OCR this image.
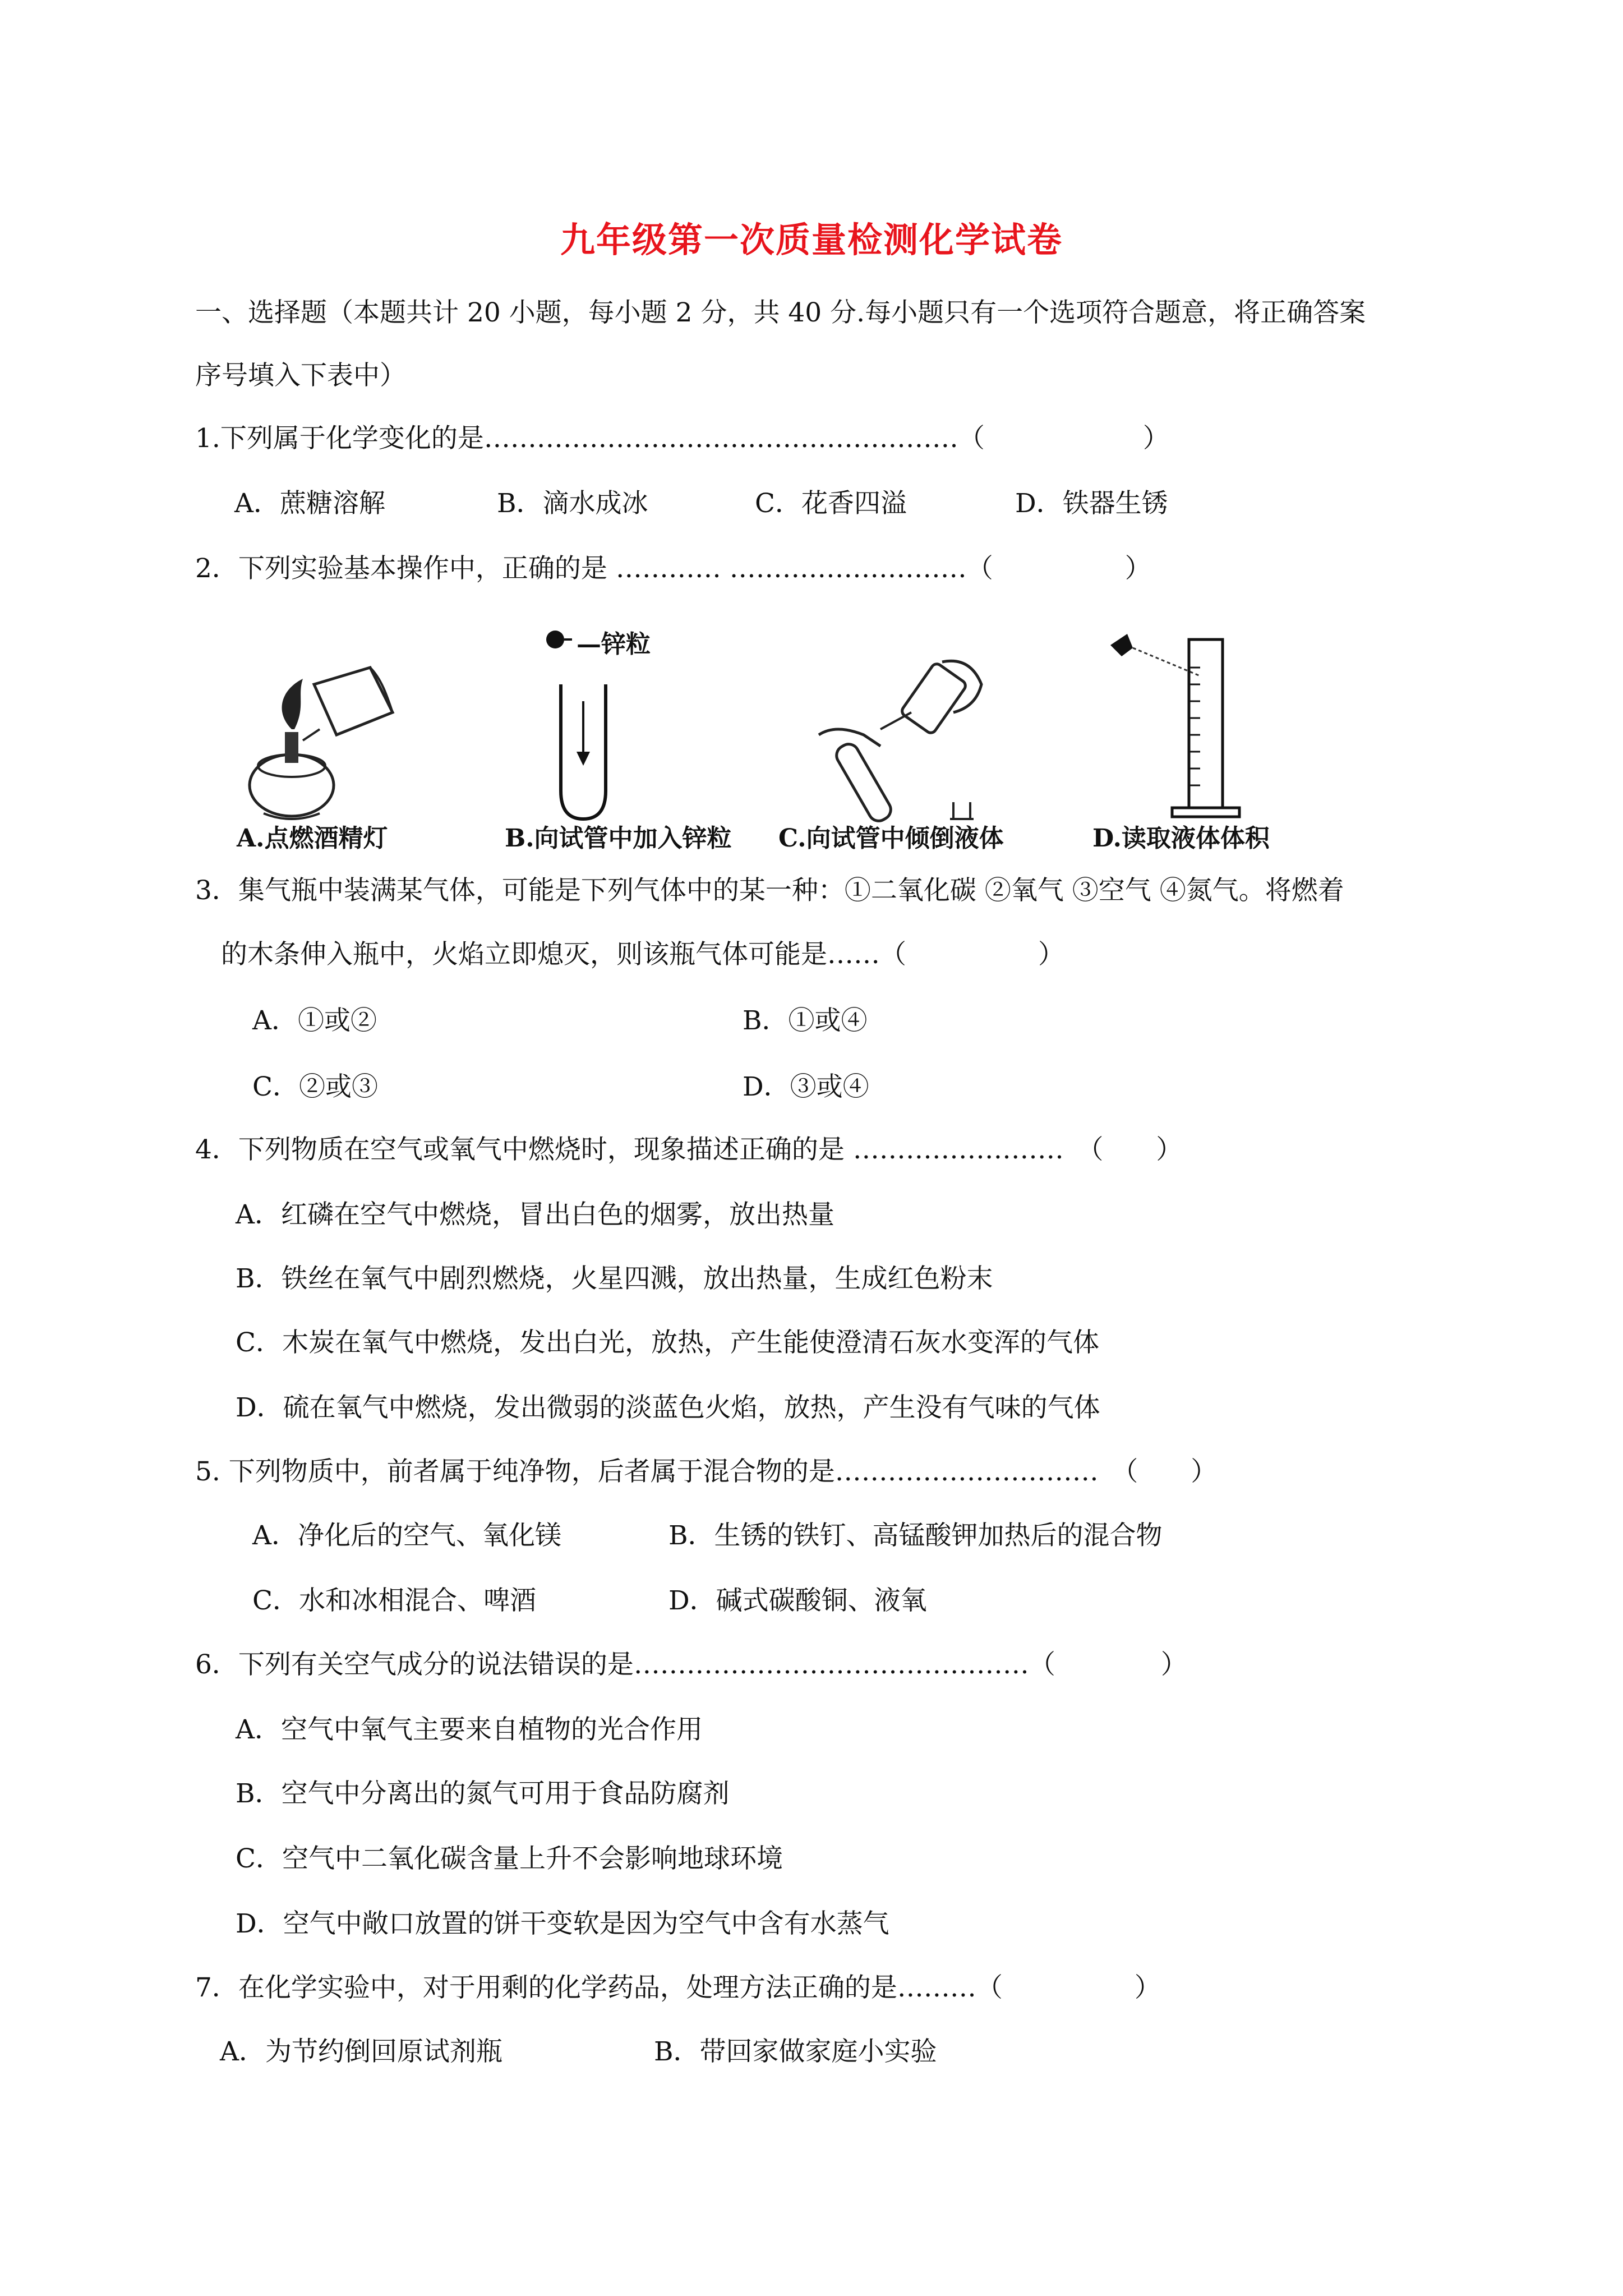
九年级第一次质量检测化学试卷
一、选择题（本题共计 20 小题，每小题 2 分，共 40 分.每小题只有一个选项符合题意，将正确答案
序号填入下表中）
1.下列属于化学变化的是………………………………………………（　　　　　　）
A．蔗糖溶解	B．滴水成冰	C．花香四溢	D．铁器生锈
2．下列实验基本操作中，正确的是 ………… ………………………（　　　　　）
—锌粒
A.点燃酒精灯	B.向试管中加入锌粒 C.向试管中倾倒液体	D.读取液体体积
3．集气瓶中装满某气体，可能是下列气体中的某一种：①二氧化碳 ②氧气 ③空气 ④氮气。将燃着
的木条伸入瓶中，火焰立即熄灭，则该瓶气体可能是……（　　　　　）
A．①或②	B．①或④
C．②或③	D．③或④
4．下列物质在空气或氧气中燃烧时，现象描述正确的是 ……………………　（　　）
A．红磷在空气中燃烧，冒出白色的烟雾，放出热量
B．铁丝在氧气中剧烈燃烧，火星四溅，放出热量，生成红色粉末
C．木炭在氧气中燃烧，发出白光，放热，产生能使澄清石灰水变浑的气体
D．硫在氧气中燃烧，发出微弱的淡蓝色火焰，放热，产生没有气味的气体
5. 下列物质中，前者属于纯净物，后者属于混合物的是…………………………　（　　）
A．净化后的空气、氧化镁	B．生锈的铁钉、高锰酸钾加热后的混合物
C．水和冰相混合、啤酒	D．碱式碳酸铜、液氧
6．下列有关空气成分的说法错误的是………………………………………（　　　　）
A．空气中氧气主要来自植物的光合作用
B．空气中分离出的氮气可用于食品防腐剂
C．空气中二氧化碳含量上升不会影响地球环境
D．空气中敞口放置的饼干变软是因为空气中含有水蒸气
7．在化学实验中，对于用剩的化学药品，处理方法正确的是………（　　　　　）
A．为节约倒回原试剂瓶	B．带回家做家庭小实验
